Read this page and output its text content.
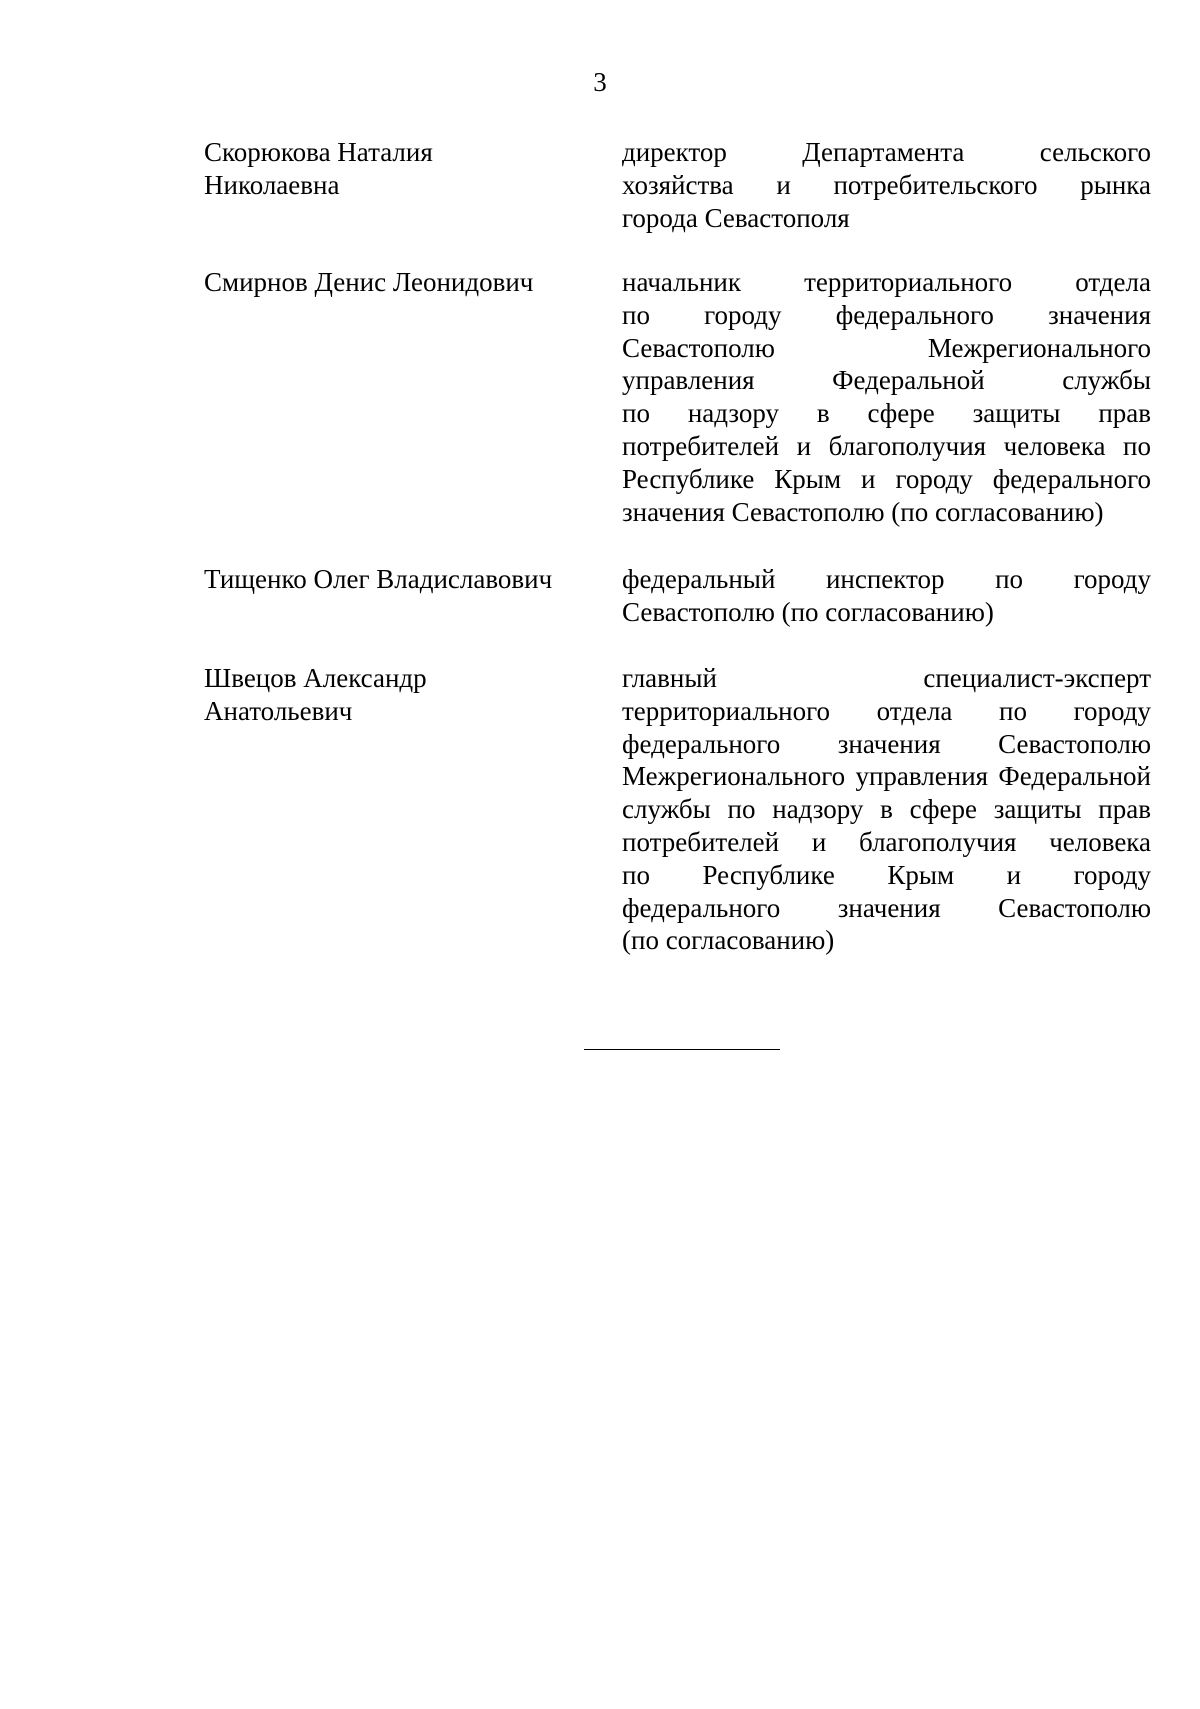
3
Скорюкова Наталия
Николаевна
директор Департамента сельского
хозяйства и потребительского рынка
города Севастополя
Смирнов Денис Леонидович	начальник территориального отдела
по городу федерального значения
Севастополю Межрегионального
управления Федеральной службы
по надзору в сфере защиты прав
потребителей и благополучия человека по
Республике Крым и городу федерального
значения Севастополю (по согласованию)
Тищенко Олег Владиславович	федеральный инспектор по городу
Севастополю (по согласованию)
Швецов Александр
Анатольевич
главный специалист-эксперт
территориального отдела по городу
федерального значения Севастополю
Межрегионального управления Федеральной
службы по надзору в сфере защиты прав
потребителей и благополучия человека
по Республике Крым и городу
федерального значения Севастополю
(по согласованию)
